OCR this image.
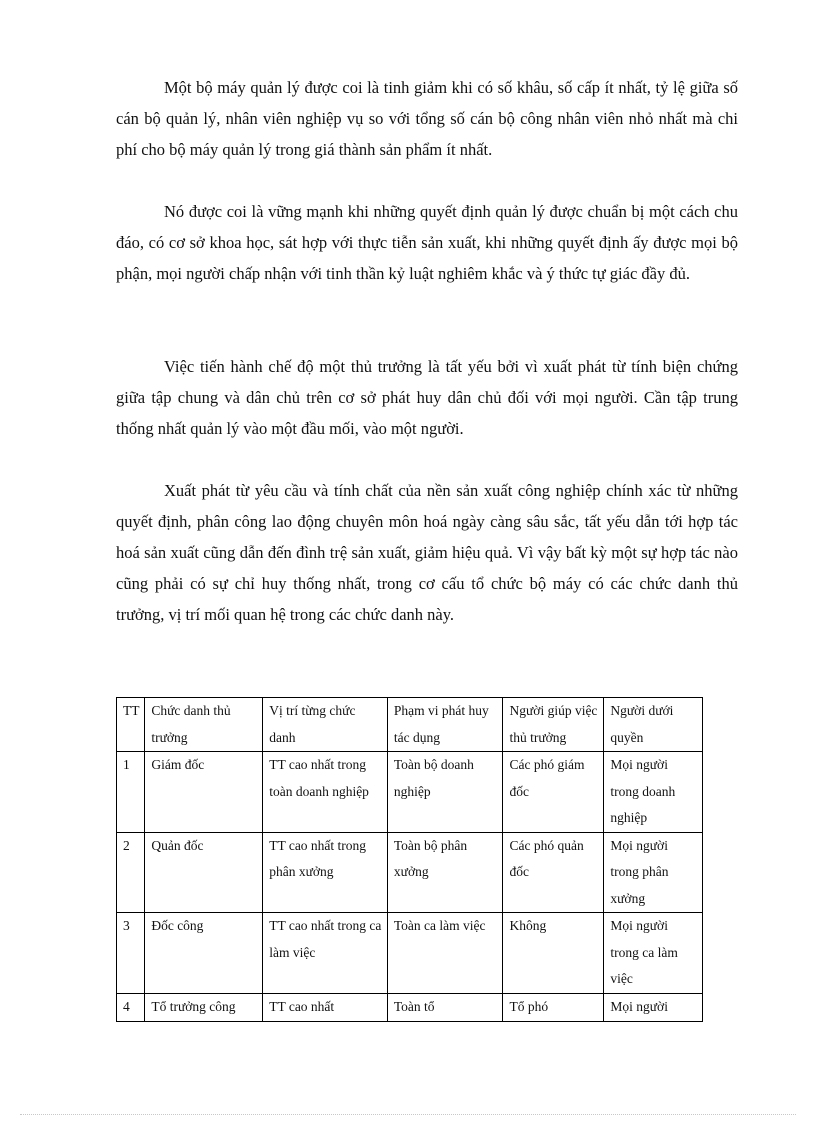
Một bộ máy quản lý được coi là tinh giảm khi có số khâu, số cấp ít nhất, tỷ lệ giữa số cán bộ quản lý, nhân viên nghiệp vụ so với tổng số cán bộ công nhân viên nhỏ nhất mà chi phí cho bộ máy quản lý trong giá thành sản phẩm ít nhất.

Nó được coi là vững mạnh khi những quyết định quản lý được chuẩn bị một cách chu đáo, có cơ sở khoa học, sát hợp với thực tiễn sản xuất, khi những quyết định ấy được mọi bộ phận, mọi người chấp nhận với tinh thần kỷ luật nghiêm khắc và ý thức tự giác đầy đủ.

Việc tiến hành chế độ một thủ trưởng là tất yếu bởi vì xuất phát từ tính biện chứng giữa tập chung và dân chủ trên cơ sở phát huy dân chủ đối với mọi người. Cần tập trung thống nhất quản lý vào một đầu mối, vào một người.

Xuất phát từ yêu cầu và tính chất của nền sản xuất công nghiệp chính xác từ những quyết định, phân công lao động chuyên môn hoá ngày càng sâu sắc, tất yếu dẫn tới hợp tác hoá sản xuất cũng dẫn đến đình trệ sản xuất, giảm hiệu quả. Vì vậy bất kỳ một sự hợp tác nào cũng phải có sự chỉ huy thống nhất, trong cơ cấu tổ chức bộ máy có các chức danh thủ trưởng, vị trí mối quan hệ trong các chức danh này.

TT	Chức danh thủ trưởng	Vị trí từng chức danh	Phạm vi phát huy tác dụng	Người giúp việc thủ trưởng	Người dưới quyền
1	Giám đốc	TT cao nhất trong toàn doanh nghiệp	Toàn bộ doanh nghiệp	Các phó giám đốc	Mọi người trong doanh nghiệp
2	Quản đốc	TT cao nhất trong phân xưởng	Toàn bộ phân xưởng	Các phó quản đốc	Mọi người trong phân xưởng
3	Đốc công	TT cao nhất trong ca làm việc	Toàn ca làm việc	Không	Mọi người trong ca làm việc
4	Tổ trưởng công	TT cao nhất	Toàn tổ	Tổ phó	Mọi người
